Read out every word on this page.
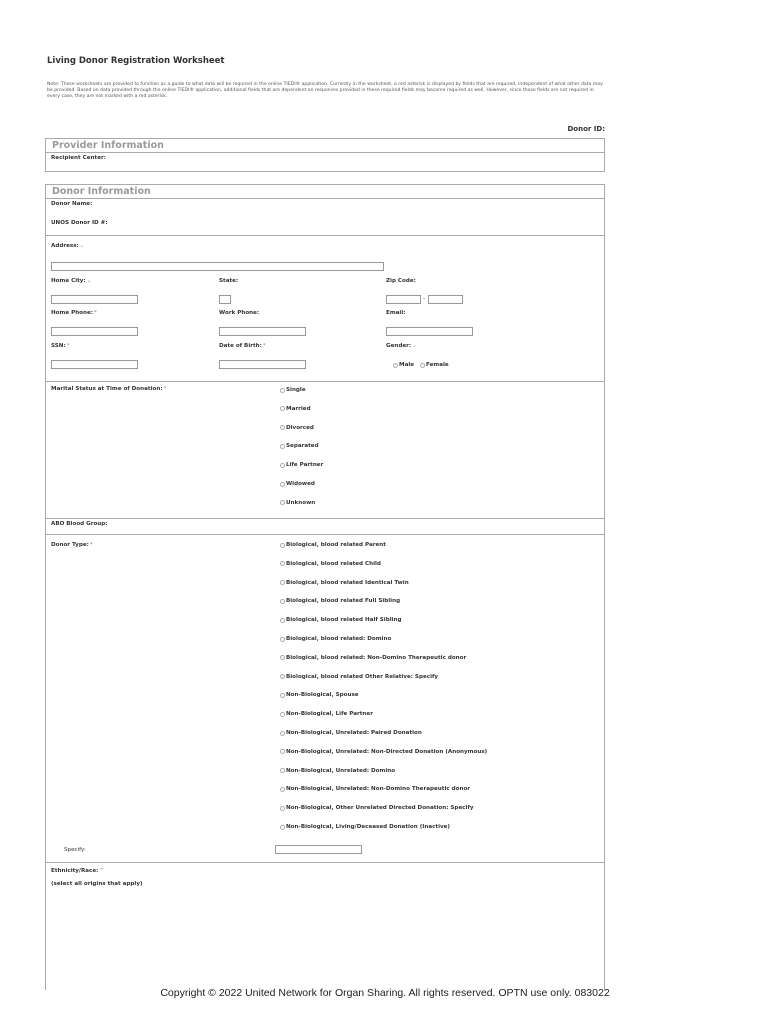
Living Donor Registration Worksheet
Note: These worksheets are provided to function as a guide to what data will be required in the online TIEDI® application. Currently in the worksheet, a red asterisk is displayed by fields that are required, independent of what other data may be provided. Based on data provided through the online TIEDI® application, additional fields that are dependent on responses provided in these required fields may become required as well. However, since those fields are not required in every case, they are not marked with a red asterisk.
Donor ID:
Provider Information
Recipient Center:
Donor Information
Donor Name:
UNOS Donor ID #:
Address:⌄
Home City:⌄	State:	Zip Code:
-
Home Phone:*	Work Phone:	Email:
SSN:*	Date of Birth:*	Gender:⌄
Male Female
Marital Status at Time of Donation:*	Single
Married
Divorced
Separated
Life Partner
Widowed
Unknown
ABO Blood Group:
Donor Type:*	Biological, blood related Parent
Biological, blood related Child
Biological, blood related Identical Twin
Biological, blood related Full Sibling
Biological, blood related Half Sibling
Biological, blood related: Domino
Biological, blood related: Non-Domino Therapeutic donor
Biological, blood related Other Relative: Specify
Non-Biological, Spouse
Non-Biological, Life Partner
Non-Biological, Unrelated: Paired Donation
Non-Biological, Unrelated: Non-Directed Donation (Anonymous)
Non-Biological, Unrelated: Domino
Non-Biological, Unrelated: Non-Domino Therapeutic donor
Non-Biological, Other Unrelated Directed Donation: Specify
Non-Biological, Living/Deceased Donation (Inactive)
Specify:
Ethnicity/Race:^
(select all origins that apply)
Copyright © 2022 United Network for Organ Sharing. All rights reserved. OPTN use only. 083022
